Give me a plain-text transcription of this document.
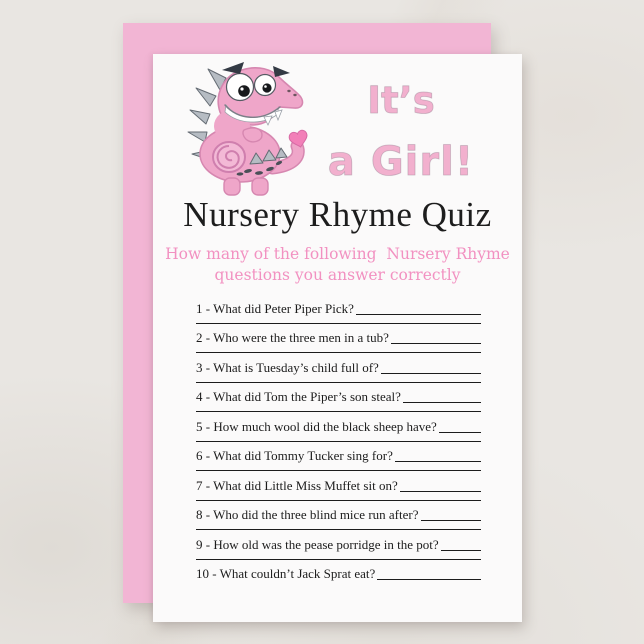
It’s
a Girl!
Nursery Rhyme Quiz
How many of the following  Nursery Rhyme
questions you answer correctly
1 - What did Peter Piper Pick?
2 - Who were the three men in a tub?
3 - What is Tuesday’s child full of?
4 - What did Tom the Piper’s son steal?
5 - How much wool did the black sheep have?
6 - What did Tommy Tucker sing for?
7 - What did Little Miss Muffet sit on?
8 - Who did the three blind mice run after?
9 - How old was the pease porridge in the pot?
10 - What couldn’t Jack Sprat eat?
